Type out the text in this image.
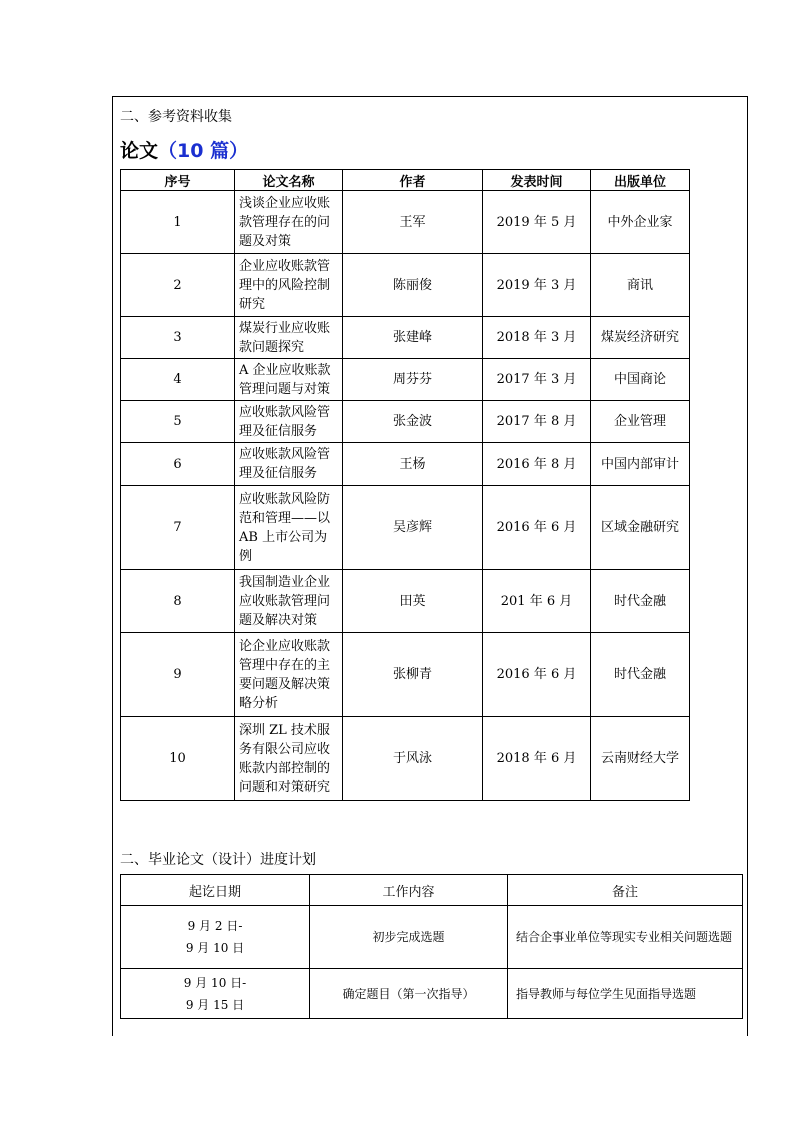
二、参考资料收集
论文（10 篇）
序号	论文名称	作者	发表时间	出版单位
1	浅谈企业应收账款管理存在的问题及对策	王军	2019 年 5 月	中外企业家
2	企业应收账款管理中的风险控制研究	陈丽俊	2019 年 3 月	商讯
3	煤炭行业应收账款问题探究	张建峰	2018 年 3 月	煤炭经济研究
4	A 企业应收账款管理问题与对策	周芬芬	2017 年 3 月	中国商论
5	应收账款风险管理及征信服务	张金波	2017 年 8 月	企业管理
6	应收账款风险管理及征信服务	王杨	2016 年 8 月	中国内部审计
7	应收账款风险防范和管理——以AB 上市公司为例	吴彦辉	2016 年 6 月	区域金融研究
8	我国制造业企业应收账款管理问题及解决对策	田英	201 年 6 月	时代金融
9	论企业应收账款管理中存在的主要问题及解决策略分析	张柳青	2016 年 6 月	时代金融
10	深圳 ZL 技术服务有限公司应收账款内部控制的问题和对策研究	于风泳	2018 年 6 月	云南财经大学
二、毕业论文（设计）进度计划
起讫日期	工作内容	备注

9 月 2 日-
9 月 10 日	初步完成选题	结合企事业单位等现实专业相关问题选题

9 月 10 日-
9 月 15 日	确定题目（第一次指导）	指导教师与每位学生见面指导选题
